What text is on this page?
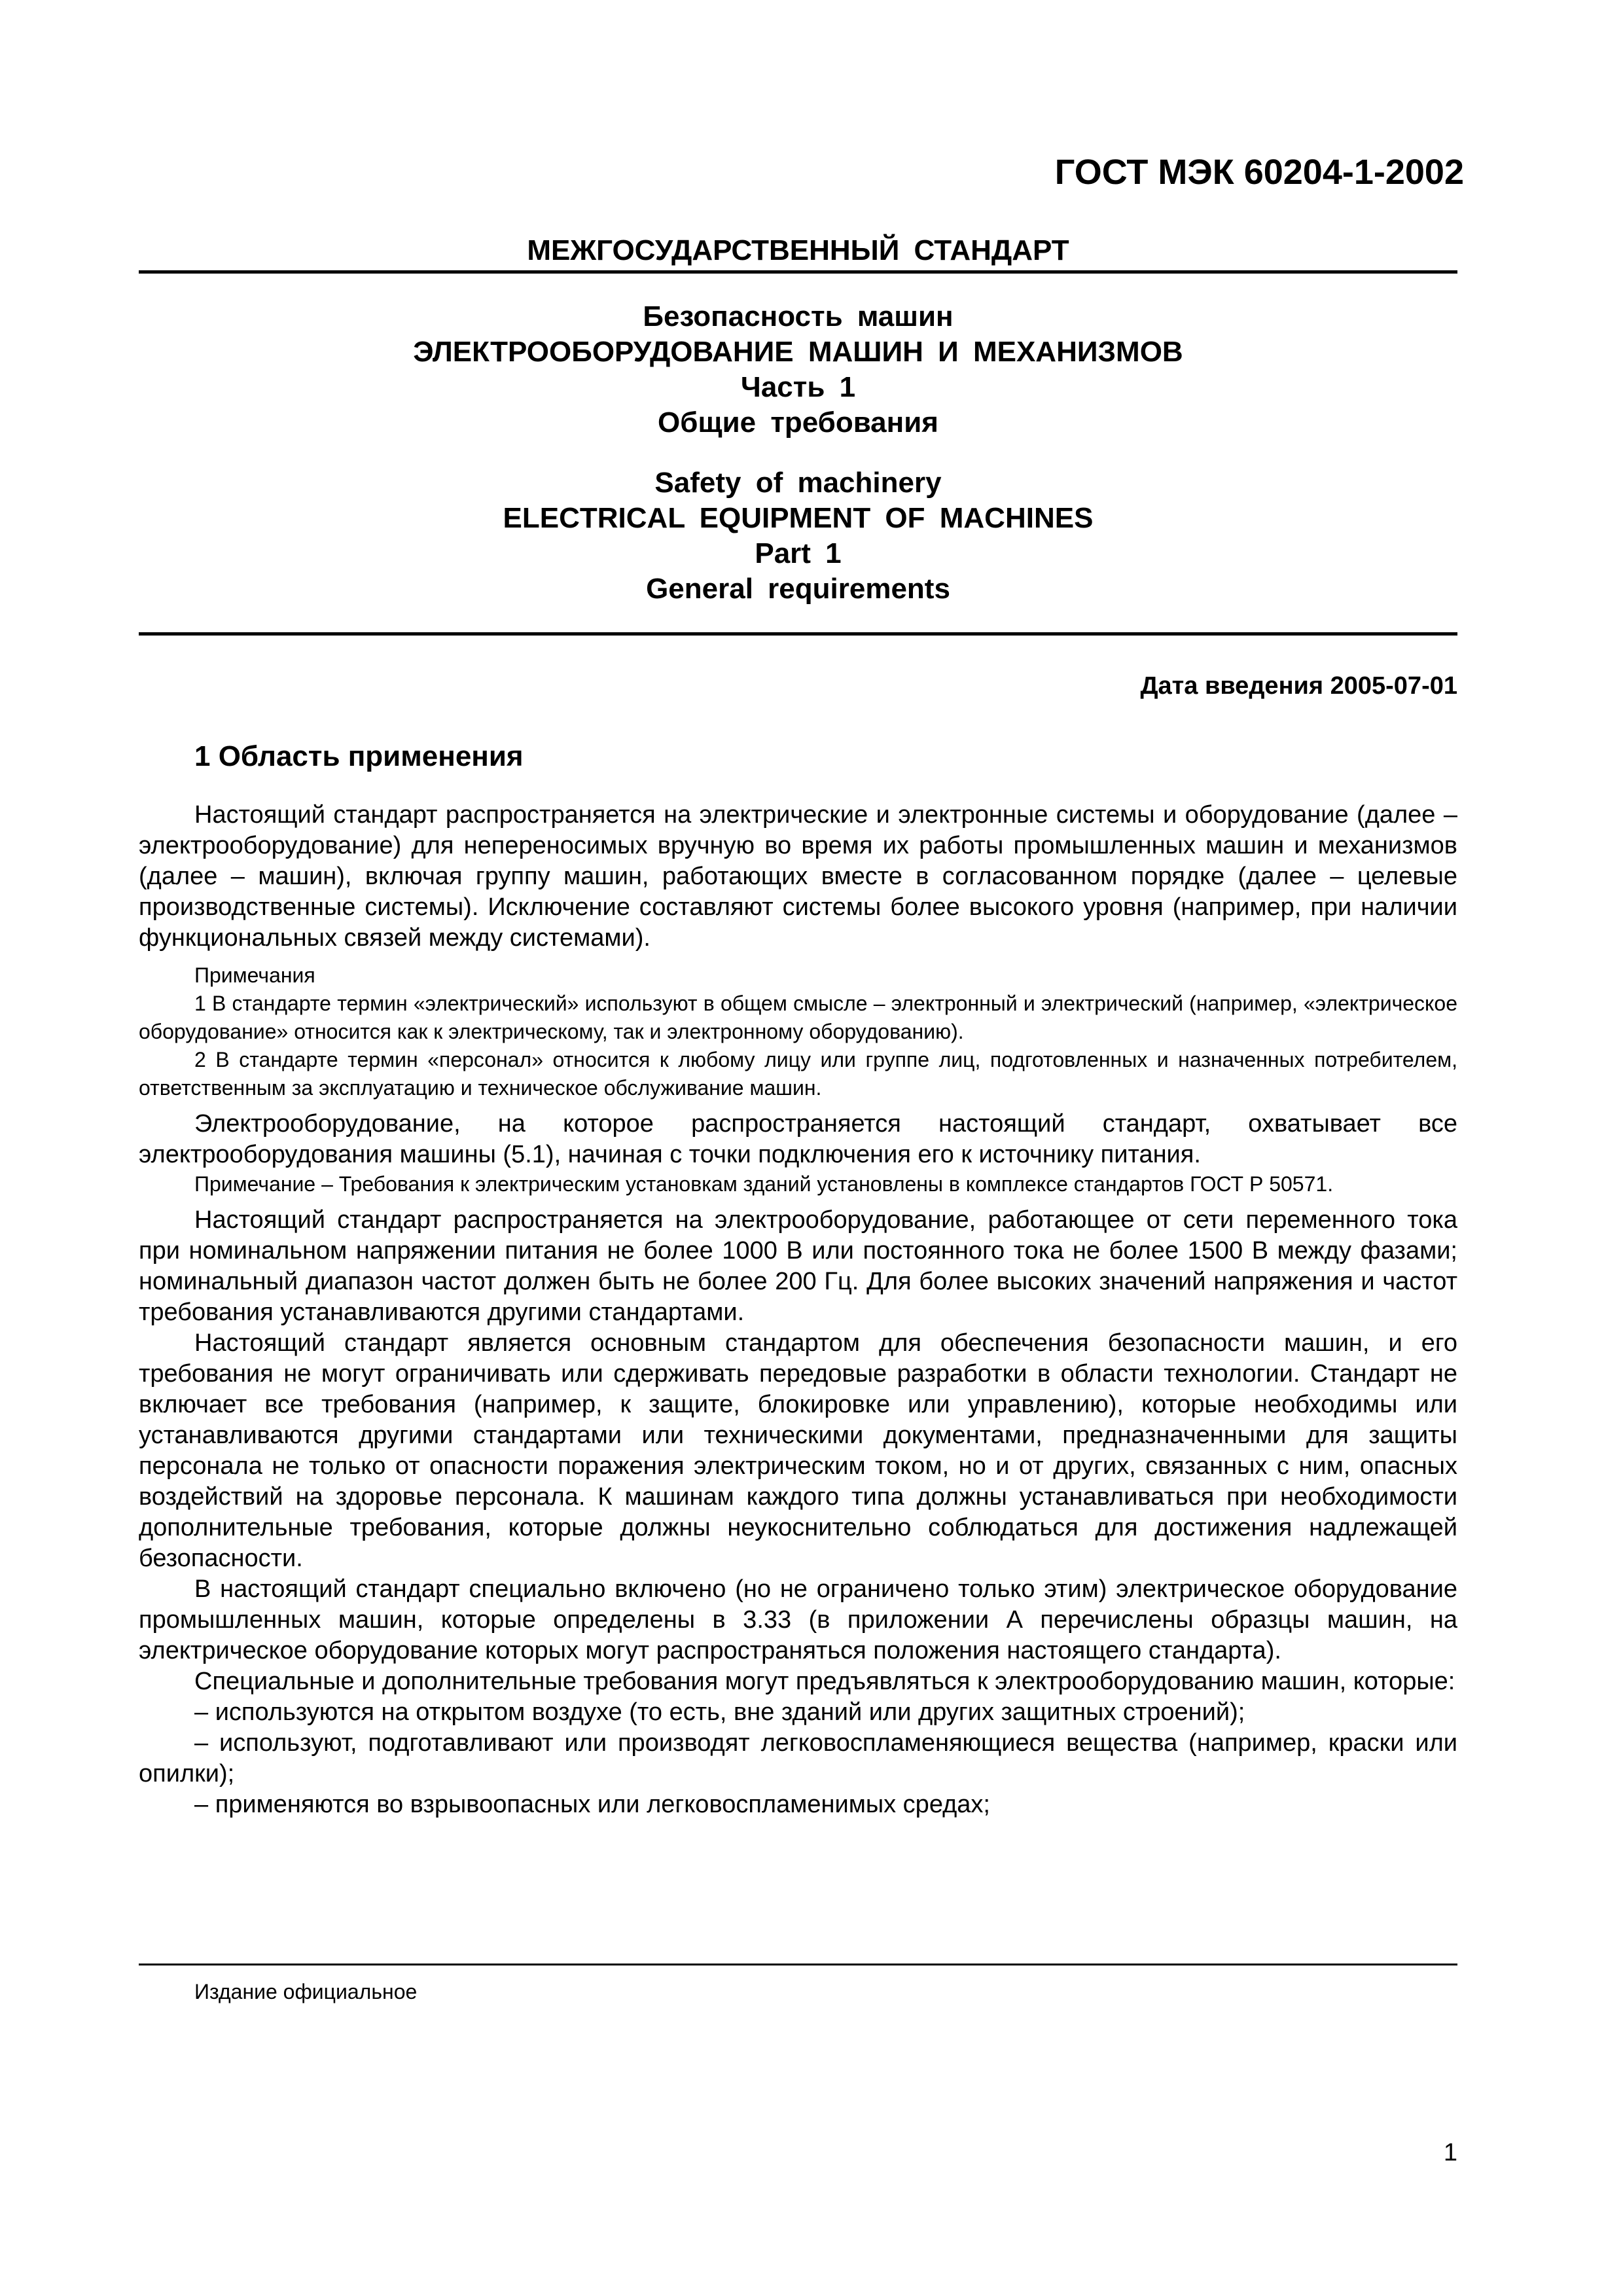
ГОСТ МЭК 60204-1-2002
МЕЖГОСУДАРСТВЕННЫЙ СТАНДАРТ
Безопасность машин
ЭЛЕКТРООБОРУДОВАНИЕ МАШИН И МЕХАНИЗМОВ
Часть 1
Общие требования
Safety of machinery
ELECTRICAL EQUIPMENT OF MACHINES
Part 1
General requirements
Дата введения 2005-07-01
1 Область применения

Настоящий стандарт распространяется на электрические и электронные системы и оборудование (далее – электрооборудование) для непереносимых вручную во время их работы промышленных машин и механизмов (далее – машин), включая группу машин, работающих вместе в согласованном порядке (далее – целевые производственные системы). Исключение составляют системы более высокого уровня (например, при наличии функциональных связей между системами).

Примечания

1 В стандарте термин «электрический» используют в общем смысле – электронный и электрический (например, «электрическое оборудование» относится как к электрическому, так и электронному оборудованию).

2 В стандарте термин «персонал» относится к любому лицу или группе лиц, подготовленных и назначенных потребителем, ответственным за эксплуатацию и техническое обслуживание машин.

Электрооборудование, на которое распространяется настоящий стандарт, охватывает все электрооборудования машины (5.1), начиная с точки подключения его к источнику питания.

Примечание – Требования к электрическим установкам зданий установлены в комплексе стандартов ГОСТ Р 50571.

Настоящий стандарт распространяется на электрооборудование, работающее от сети переменного тока при номинальном напряжении питания не более 1000 В или постоянного тока не более 1500 В между фазами; номинальный диапазон частот должен быть не более 200 Гц. Для более высоких значений напряжения и частот требования устанавливаются другими стандартами.

Настоящий стандарт является основным стандартом для обеспечения безопасности машин, и его требования не могут ограничивать или сдерживать передовые разработки в области технологии. Стандарт не включает все требования (например, к защите, блокировке или управлению), которые необходимы или устанавливаются другими стандартами или техническими документами, предназначенными для защиты персонала не только от опасности поражения электрическим током, но и от других, связанных с ним, опасных воздействий на здоровье персонала. К машинам каждого типа должны устанавливаться при необходимости дополнительные требования, которые должны неукоснительно соблюдаться для достижения надлежащей безопасности.

В настоящий стандарт специально включено (но не ограничено только этим) электрическое оборудование промышленных машин, которые определены в 3.33 (в приложении А перечислены образцы машин, на электрическое оборудование которых могут распространяться положения настоящего стандарта).

Специальные и дополнительные требования могут предъявляться к электрооборудованию машин, которые:

– используются на открытом воздухе (то есть, вне зданий или других защитных строений);

– используют, подготавливают или производят легковоспламеняющиеся вещества (например, краски или опилки);

– применяются во взрывоопасных или легковоспламенимых средах;

Издание официальное
1
